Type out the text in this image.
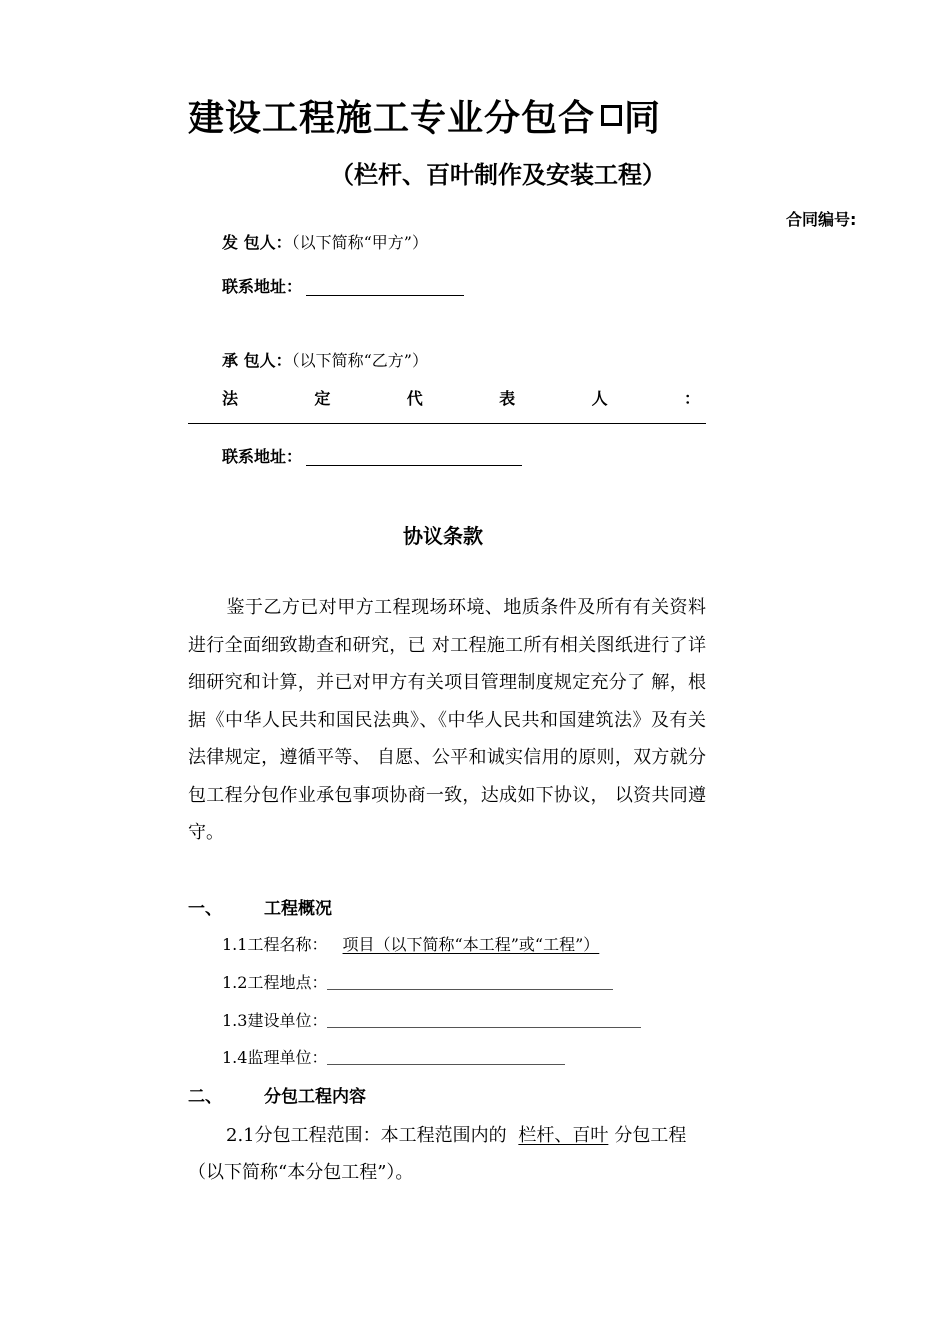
建设工程施工专业分包合 同
（栏杆、百叶制作及安装工程）
合同编号:
发 包人：（以下简称“甲方”）
联系地址：
承 包人：（以下简称“乙方”）
法	定	代	表	人	：
联系地址：
协议条款
鉴于乙方已对甲方工程现场环境、地质条件及所有有关资料进行全面细致勘查和研究，已 对工程施工所有相关图纸进行了详细研究和计算，并已对甲方有关项目管理制度规定充分了 解，根据《中华人民共和国民法典》、《中华人民共和国建筑法》及有关法律规定，遵循平等、 自愿、公平和诚实信用的原则，双方就分包工程分包作业承包事项协商一致，达成如下协议， 以资共同遵守。
一、 工程概况
1.1工程名称： 项目（以下简称“本工程”或“工程”）
1.2工程地点：
1.3建设单位：
1.4监理单位：
二、 分包工程内容
2.1分包工程范围：本工程范围内的 栏杆、百叶 分包工程（以下简称“本分包工程”）。
